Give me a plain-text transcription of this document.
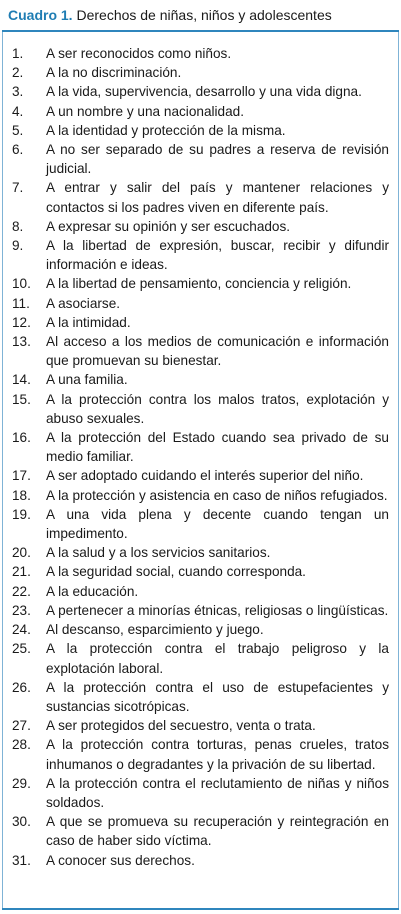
Cuadro 1. Derechos de niñas, niños y adolescentes
1.	A ser reconocidos como niños.
2.	A la no discriminación.
3.	A la vida, supervivencia, desarrollo y una vida digna.
4.	A un nombre y una nacionalidad.
5.	A la identidad y protección de la misma.
6.	A no ser separado de su padres a reserva de revisión judicial.
7.	A entrar y salir del país y mantener relaciones y contactos si los padres viven en diferente país.
8.	A expresar su opinión y ser escuchados.
9.	A la libertad de expresión, buscar, recibir y difundir información e ideas.
10.	A la libertad de pensamiento, conciencia y religión.
11.	A asociarse.
12.	A la intimidad.
13.	Al acceso a los medios de comunicación e información que promuevan su bienestar.
14.	A una familia.
15.	A la protección contra los malos tratos, explotación y abuso sexuales.
16.	A la protección del Estado cuando sea privado de su medio familiar.
17.	A ser adoptado cuidando el interés superior del niño.
18.	A la protección y asistencia en caso de niños refugiados.
19.	A una vida plena y decente cuando tengan un impedimento.
20.	A la salud y a los servicios sanitarios.
21.	A la seguridad social, cuando corresponda.
22.	A la educación.
23.	A pertenecer a minorías étnicas, religiosas o lingüísticas.
24.	Al descanso, esparcimiento y juego.
25.	A la protección contra el trabajo peligroso y la explotación laboral.
26.	A la protección contra el uso de estupefacientes y sustancias sicotrópicas.
27.	A ser protegidos del secuestro, venta o trata.
28.	A la protección contra torturas, penas crueles, tratos inhumanos o degradantes y la privación de su libertad.
29.	A la protección contra el reclutamiento de niñas y niños soldados.
30.	A que se promueva su recuperación y reintegración en caso de haber sido víctima.
31.	A conocer sus derechos.
